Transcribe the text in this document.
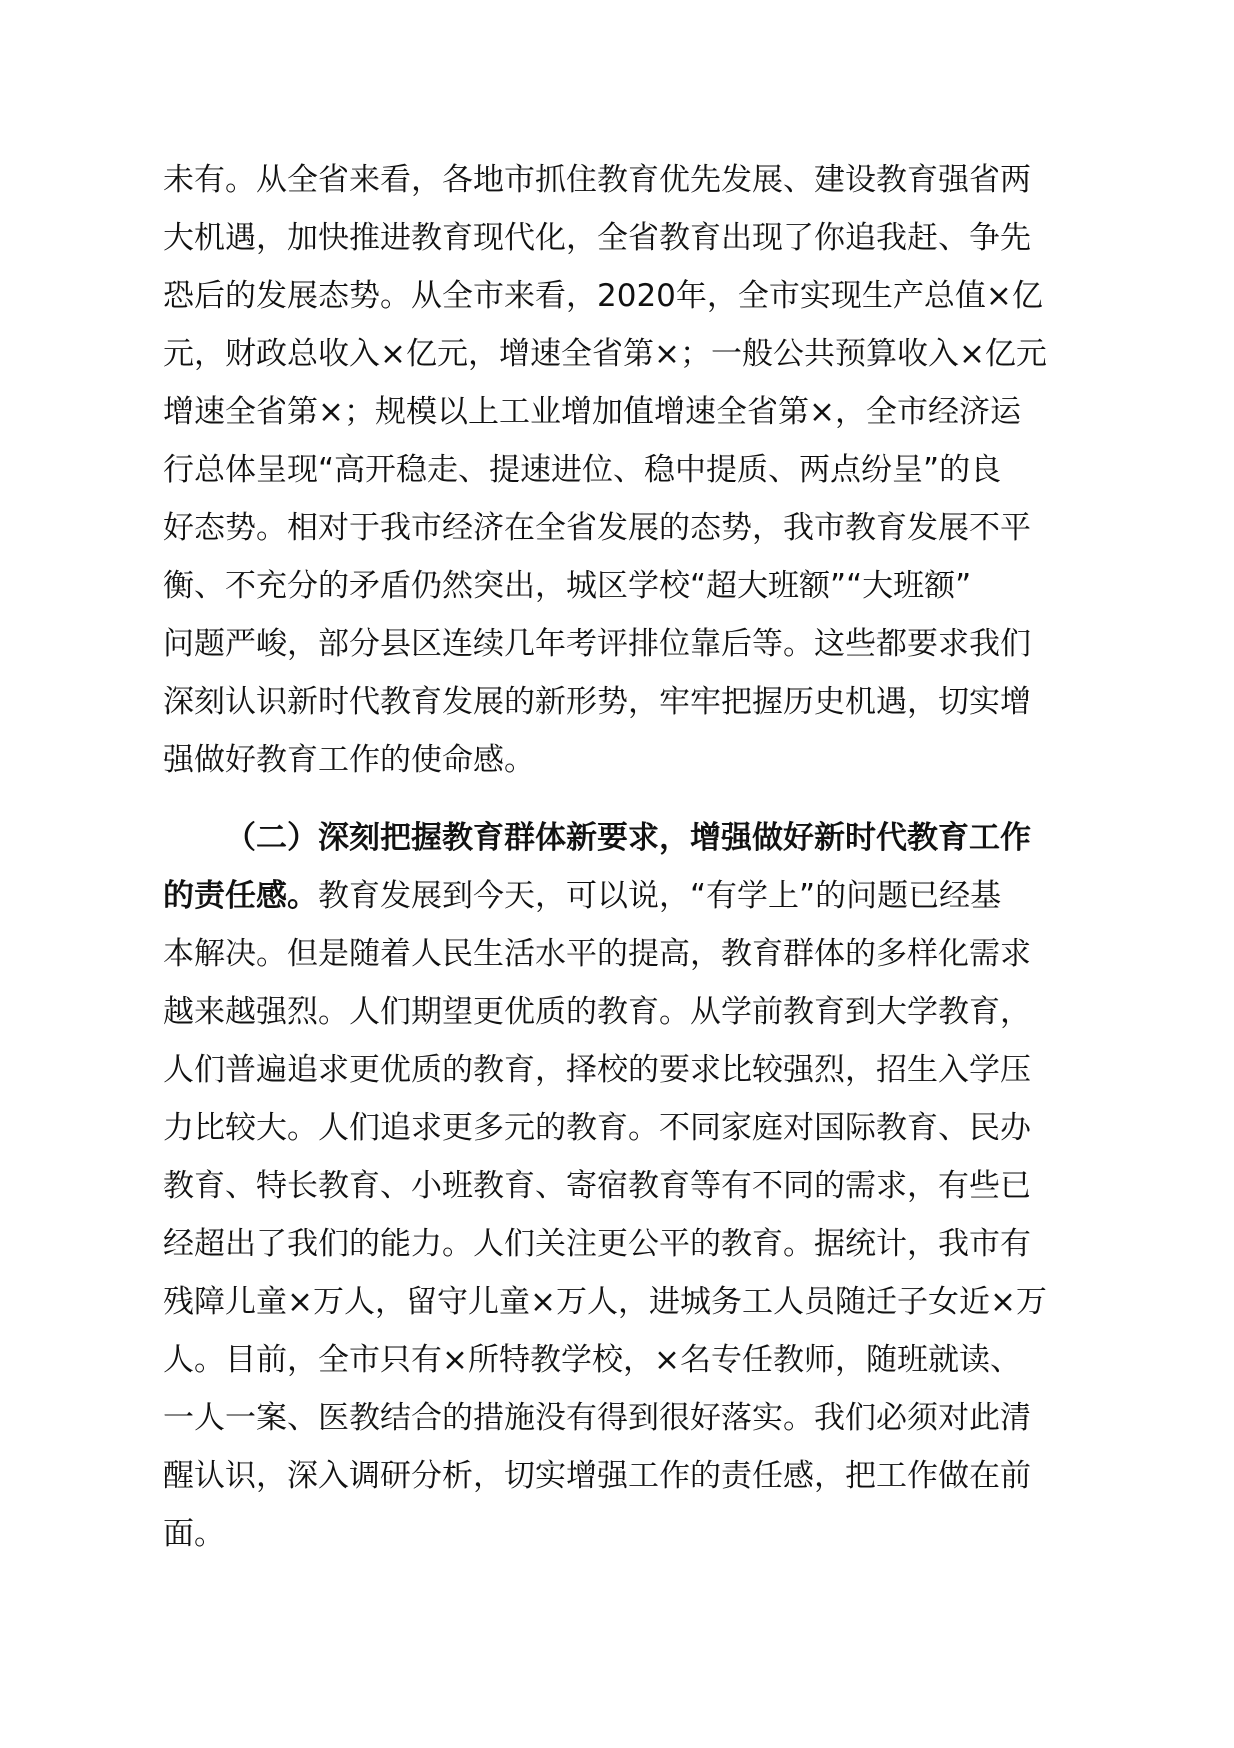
未有。从全省来看，各地市抓住教育优先发展、建设教育强省两
大机遇，加快推进教育现代化，全省教育出现了你追我赶、争先
恐后的发展态势。从全市来看，2020年，全市实现生产总值×亿
元，财政总收入×亿元，增速全省第×；一般公共预算收入×亿元
增速全省第×；规模以上工业增加值增速全省第×，全市经济运
行总体呈现“高开稳走、提速进位、稳中提质、两点纷呈”的良
好态势。相对于我市经济在全省发展的态势，我市教育发展不平
衡、不充分的矛盾仍然突出，城区学校“超大班额”“大班额”
问题严峻，部分县区连续几年考评排位靠后等。这些都要求我们
深刻认识新时代教育发展的新形势，牢牢把握历史机遇，切实增
强做好教育工作的使命感。
（二）深刻把握教育群体新要求，增强做好新时代教育工作
的责任感。教育发展到今天，可以说，“有学上”的问题已经基
本解决。但是随着人民生活水平的提高，教育群体的多样化需求
越来越强烈。人们期望更优质的教育。从学前教育到大学教育，
人们普遍追求更优质的教育，择校的要求比较强烈，招生入学压
力比较大。人们追求更多元的教育。不同家庭对国际教育、民办
教育、特长教育、小班教育、寄宿教育等有不同的需求，有些已
经超出了我们的能力。人们关注更公平的教育。据统计，我市有
残障儿童×万人，留守儿童×万人，进城务工人员随迁子女近×万
人。目前，全市只有×所特教学校，×名专任教师，随班就读、
一人一案、医教结合的措施没有得到很好落实。我们必须对此清
醒认识，深入调研分析，切实增强工作的责任感，把工作做在前
面。
